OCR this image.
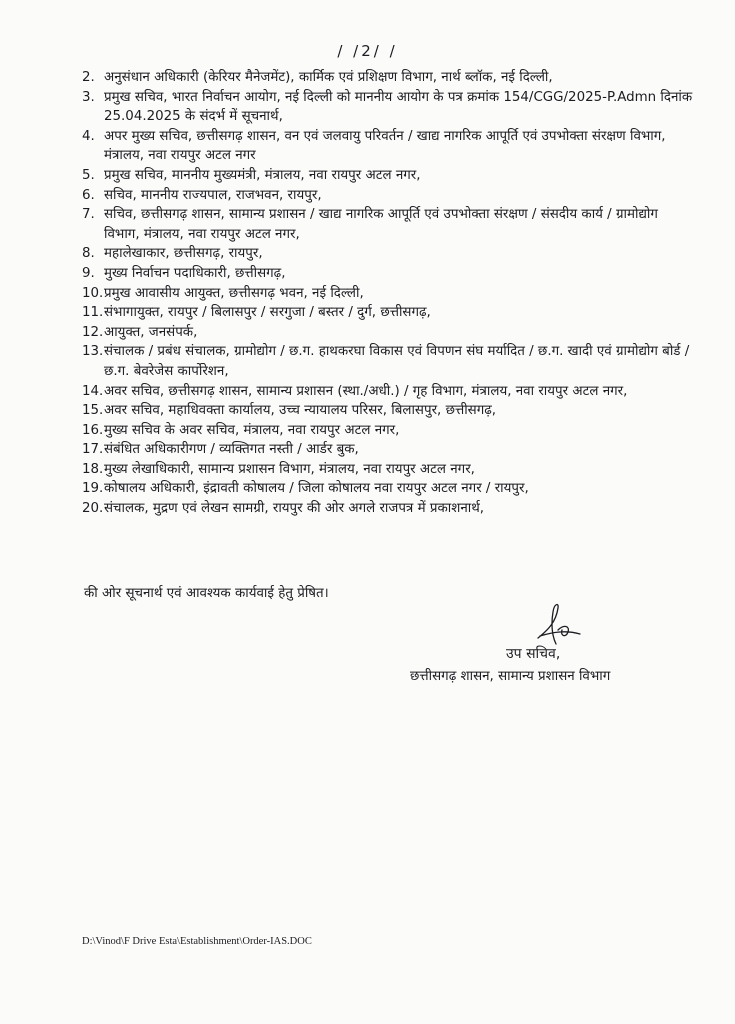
/ /2/ /
2. अनुसंधान अधिकारी (केरियर मैनेजमेंट), कार्मिक एवं प्रशिक्षण विभाग, नार्थ ब्लॉक, नई दिल्ली,
3. प्रमुख सचिव, भारत निर्वाचन आयोग, नई दिल्ली को माननीय आयोग के पत्र क्रमांक 154/CGG/2025-P.Admn दिनांक 25.04.2025 के संदर्भ में सूचनार्थ,
4. अपर मुख्य सचिव, छत्तीसगढ़ शासन, वन एवं जलवायु परिवर्तन / खाद्य नागरिक आपूर्ति एवं उपभोक्ता संरक्षण विभाग, मंत्रालय, नवा रायपुर अटल नगर
5. प्रमुख सचिव, माननीय मुख्यमंत्री, मंत्रालय, नवा रायपुर अटल नगर,
6. सचिव, माननीय राज्यपाल, राजभवन, रायपुर,
7. सचिव, छत्तीसगढ़ शासन, सामान्य प्रशासन / खाद्य नागरिक आपूर्ति एवं उपभोक्ता संरक्षण / संसदीय कार्य / ग्रामोद्योग विभाग, मंत्रालय, नवा रायपुर अटल नगर,
8. महालेखाकार, छत्तीसगढ़, रायपुर,
9. मुख्य निर्वाचन पदाधिकारी, छत्तीसगढ़,
10. प्रमुख आवासीय आयुक्त, छत्तीसगढ़ भवन, नई दिल्ली,
11. संभागायुक्त, रायपुर / बिलासपुर / सरगुजा / बस्तर / दुर्ग, छत्तीसगढ़,
12. आयुक्त, जनसंपर्क,
13. संचालक / प्रबंध संचालक, ग्रामोद्योग / छ.ग. हाथकरघा विकास एवं विपणन संघ मर्यादित / छ.ग. खादी एवं ग्रामोद्योग बोर्ड / छ.ग. बेवरेजेस कार्पोरेशन,
14. अवर सचिव, छत्तीसगढ़ शासन, सामान्य प्रशासन (स्था./अधी.) / गृह विभाग, मंत्रालय, नवा रायपुर अटल नगर,
15. अवर सचिव, महाधिवक्ता कार्यालय, उच्च न्यायालय परिसर, बिलासपुर, छत्तीसगढ़,
16. मुख्य सचिव के अवर सचिव, मंत्रालय, नवा रायपुर अटल नगर,
17. संबंधित अधिकारीगण / व्यक्तिगत नस्ती / आर्डर बुक,
18. मुख्य लेखाधिकारी, सामान्य प्रशासन विभाग, मंत्रालय, नवा रायपुर अटल नगर,
19. कोषालय अधिकारी, इंद्रावती कोषालय / जिला कोषालय नवा रायपुर अटल नगर / रायपुर,
20. संचालक, मुद्रण एवं लेखन सामग्री, रायपुर की ओर अगले राजपत्र में प्रकाशनार्थ,
की ओर सूचनार्थ एवं आवश्यक कार्यवाई हेतु प्रेषित।
उप सचिव,
छत्तीसगढ़ शासन, सामान्य प्रशासन विभाग
D:\Vinod\F Drive Esta\Establishment\Order-IAS.DOC
